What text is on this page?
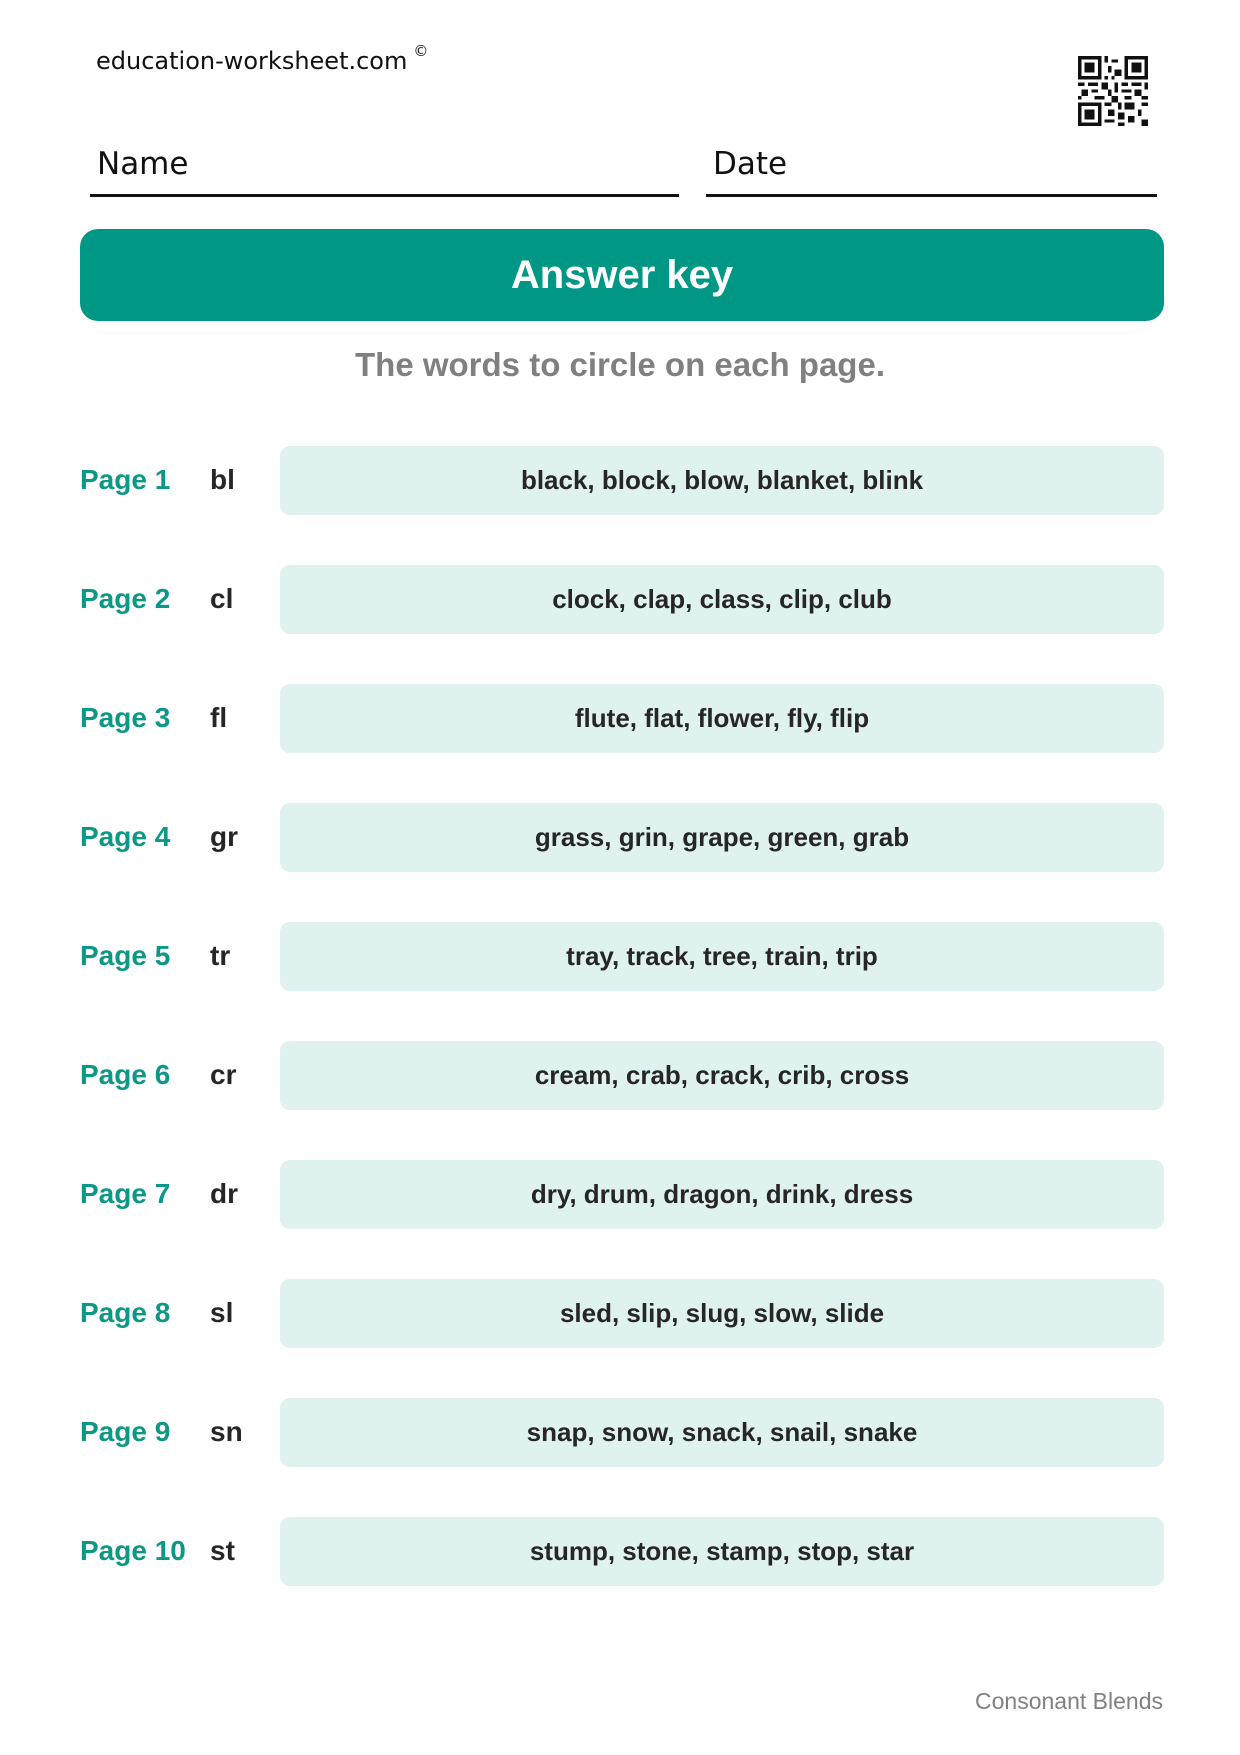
education-worksheet.com ©
Name	Date
Answer key
The words to circle on each page.
Page 1 bl	black, block, blow, blanket, blink
Page 2 cl	clock, clap, class, clip, club
Page 3 fl	flute, flat, flower, fly, flip
Page 4 gr	grass, grin, grape, green, grab
Page 5 tr	tray, track, tree, train, trip
Page 6 cr	cream, crab, crack, crib, cross
Page 7 dr	dry, drum, dragon, drink, dress
Page 8 sl	sled, slip, slug, slow, slide
Page 9 sn	snap, snow, snack, snail, snake
Page 10 st	stump, stone, stamp, stop, star
Consonant Blends
